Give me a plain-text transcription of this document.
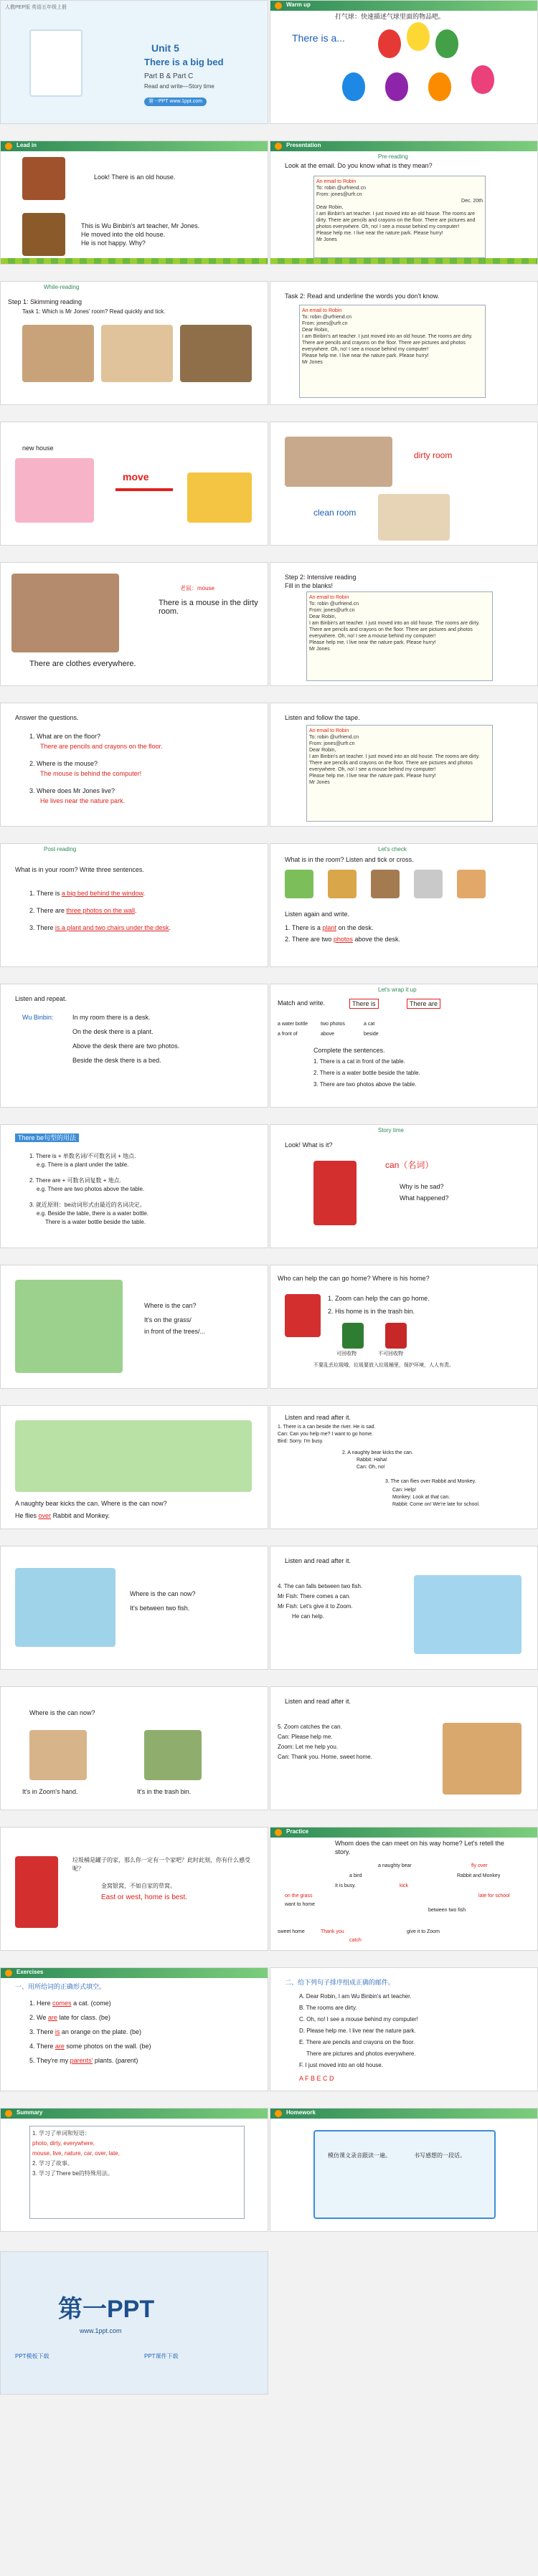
人教PEP版 英语五年级上册
Unit 5
There is a big bed
Part B & Part C
Read and write—Story time
第一PPT www.1ppt.com
Warm up
打气球：快速描述气球里面的物品吧。
There is a...
Lead in
Look! There is an old house.
This is Wu Binbin's art teacher, Mr Jones.
He moved into the old house.
He is not happy. Why?
Presentation
Pre-reading
Look at the email. Do you know what is they mean?
An email to Robin
To: robin @urfriend.cn
From: jones@urfr.cn
Dec. 20th
Dear Robin,
I am Binbin's art teacher. I just moved into an old house. The rooms are dirty. There are pencils and crayons on the floor. There are pictures and photos everywhere. Oh, no! I see a mouse behind my computer!
Please help me. I live near the nature park. Please hurry!
Mr Jones
While-reading
Step 1: Skimming reading
Task 1: Which is Mr Jones' room? Read quickly and tick.
Task 2: Read and underline the words you don't know.
An email to Robin
To: robin @urfriend.cn
From: jones@urfr.cn
Dear Robin,
I am Binbin's art teacher. I just moved into an old house. The rooms are dirty. There are pencils and crayons on the floor. There are pictures and photos everywhere. Oh, no! I see a mouse behind my computer!
Please help me. I live near the nature park. Please hurry!
Mr Jones
new house
move
dirty room
clean room
老鼠：mouse
There is a mouse in the dirty room.
There are clothes everywhere.
Step 2: Intensive reading
Fill in the blanks!
An email to Robin
To: robin @urfriend.cn
From: jones@urfr.cn
Dear Robin,
I am Binbin's art teacher. I just moved into an old house. The rooms are dirty. There are pencils and crayons on the floor. There are pictures and photos everywhere. Oh, no! I see a mouse behind my computer!
Please help me. I live near the nature park. Please hurry!
Mr Jones
Answer the questions.
1. What are on the floor?
There are pencils and crayons on the floor.
2. Where is the mouse?
The mouse is behind the computer!
3. Where does Mr Jones live?
He lives near the nature park.
Listen and follow the tape.
An email to Robin
To: robin @urfriend.cn
From: jones@urfr.cn
Dear Robin,
I am Binbin's art teacher. I just moved into an old house. The rooms are dirty. There are pencils and crayons on the floor. There are pictures and photos everywhere. Oh, no! I see a mouse behind my computer!
Please help me. I live near the nature park. Please hurry!
Mr Jones
Post-reading
What is in your room? Write three sentences.
1. There is a big bed behind the window.
2. There are three photos on the wall.
3. There is a plant and two chairs under the desk.
Let's check
What is in the room? Listen and tick or cross.
Listen again and write.
1. There is a plant on the desk.
2. There are two photos above the desk.
Listen and repeat.
Wu Binbin:	In my room there is a desk.
On the desk there is a plant.
Above the desk there are two photos.
Beside the desk there is a bed.
Let's wrap it up
Match and write.	There is	There are
a water bottle	two photos	a cat
a front of	above	beside
Complete the sentences.
1. There is a cat in front of the table.
2. There is a water bottle beside the table.
3. There are two photos above the table.
There be句型的用法
1. There is + 单数名词/不可数名词 + 地点.
e.g. There is a plant under the table.
2. There are + 可数名词复数 + 地点.
e.g. There are two photos above the table.
3. 就近原则：be动词形式由最近的名词决定。
e.g. Beside the table, there is a water bottle.
There is a water bottle beside the table.
Story time
Look! What is it?
can（名词）
Why is he sad?
What happened?
Where is the can?
It's on the grass/
in front of the trees/...
Who can help the can go home? Where is his home?
1. Zoom can help the can go home.
2. His home is in the trash bin.
可回收物	不可回收物
不要乱丢垃圾哦，垃圾要放入垃圾桶里，保护环境，人人有责。
A naughty bear kicks the can. Where is the can now?
He flies over Rabbit and Monkey.
Listen and read after it.
1. There is a can beside the river. He is sad.
Can: Can you help me? I want to go home.
Bird: Sorry. I'm busy.
2. A naughty bear kicks the can.
Rabbit: Haha!
Can: Oh, no!
3. The can flies over Rabbit and Monkey.
Can: Help!
Monkey: Look at that can.
Rabbit: Come on! We're late for school.
Where is the can now?
It's between two fish.
Listen and read after it.
4. The can falls between two fish.
Mr Fish: There comes a can.
Mr Fish: Let's give it to Zoom.
He can help.
Where is the can now?
It's in Zoom's hand.	It's in the trash bin.
Listen and read after it.
5. Zoom catches the can.
Can: Please help me.
Zoom: Let me help you.
Can: Thank you. Home, sweet home.
垃圾桶是罐子的家，那么你一定有一个家吧？此时此刻，你有什么感受呢？
金窝银窝，不如自家的草窝。
East or west, home is best.
Practice
Whom does the can meet on his way home? Let's retell the story.
a naughty bear
a bird	Rabbit and Monkey
It is busy.	kick
on the grass
want to home
between two fish
sweet home	give it to Zoom
Thank you
late for school
catch
fly over
Exercises
一、用所给词的正确形式填空。
1. Here comes a cat. (come)
2. We are late for class. (be)
3. There is an orange on the plate. (be)
4. There are some photos on the wall. (be)
5. They're my parents' plants. (parent)
二、给下列句子排序组成正确的邮件。
A. Dear Robin, I am Wu Binbin's art teacher.
B. The rooms are dirty.
C. Oh, no! I see a mouse behind my computer!
D. Please help me. I live near the nature park.
E. There are pencils and crayons on the floor.
There are pictures and photos everywhere.
F. I just moved into an old house.
A F B E C D
Summary
1. 学习了单词和短语：
photo, dirty, everywhere,
mouse, live, nature, car, over, late,
2. 学习了故事。
3. 学习了There be的特殊用法。
Homework
模仿课文录音跟读一遍。	书写感想的一段话。
第一PPT
www.1ppt.com
PPT模板下载	PPT课件下载
